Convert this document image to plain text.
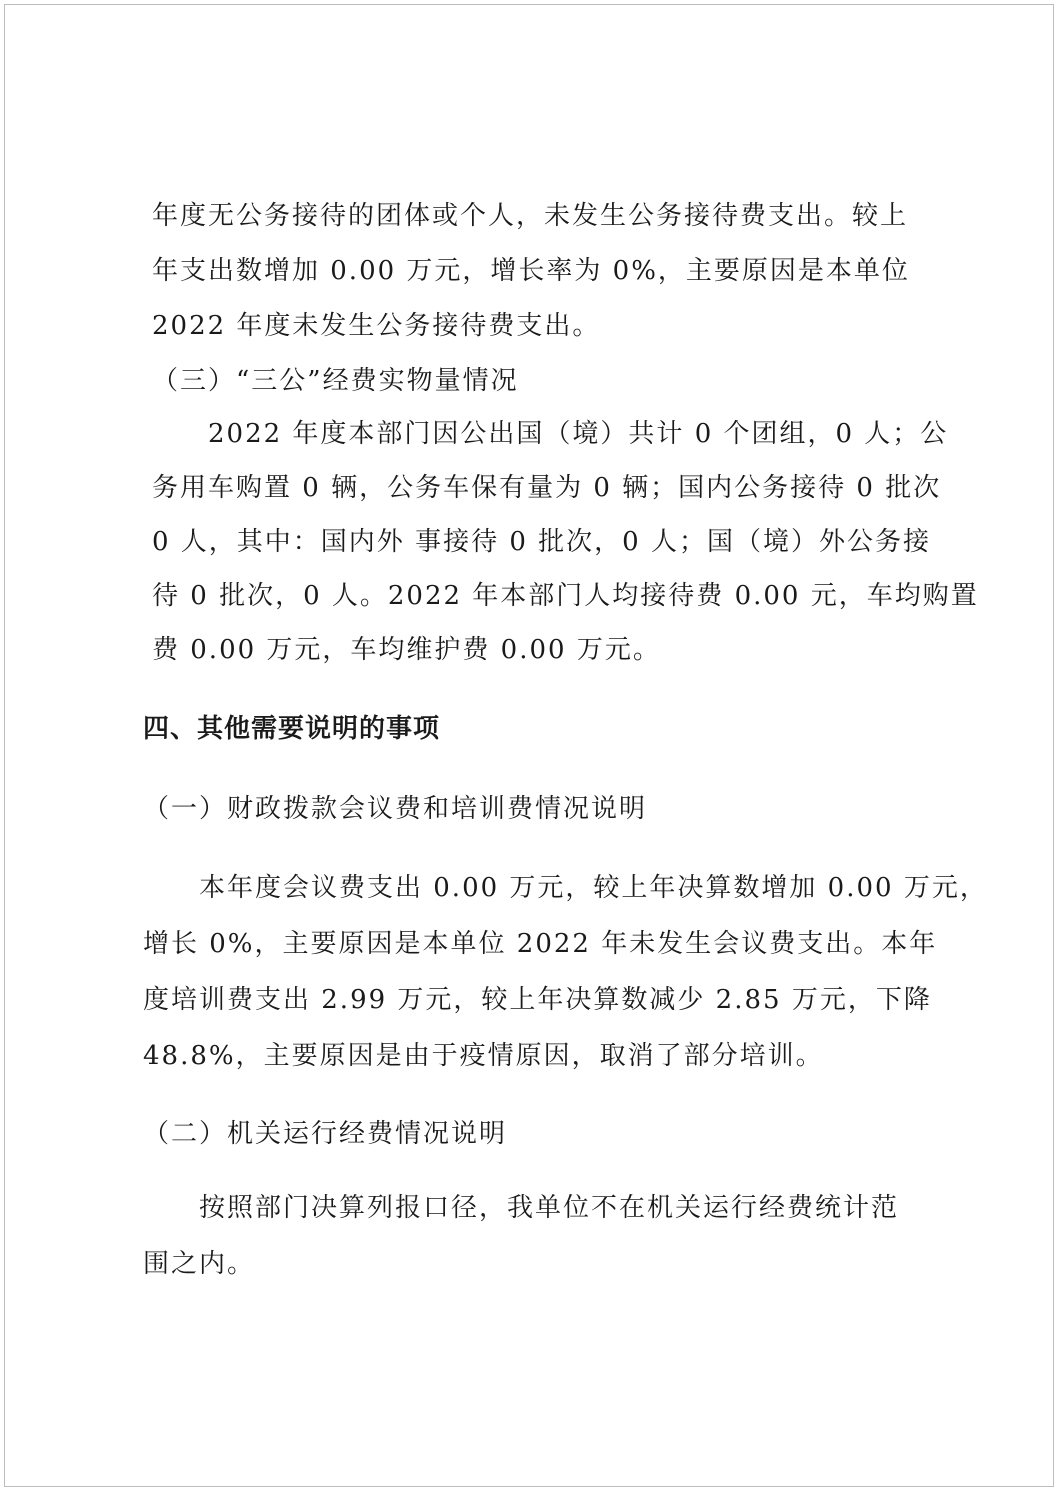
年度无公务接待的团体或个人，未发生公务接待费支出。较上
年支出数增加 0.00 万元，增长率为 0%，主要原因是本单位
2022 年度未发生公务接待费支出。
（三）“三公”经费实物量情况
2022 年度本部门因公出国（境）共计 0 个团组，0 人；公
务用车购置 0 辆，公务车保有量为 0 辆；国内公务接待 0 批次
0 人，其中：国内外 事接待 0 批次，0 人；国（境）外公务接
待 0 批次，0 人。2022 年本部门人均接待费 0.00 元，车均购置
费 0.00 万元，车均维护费 0.00 万元。
四、其他需要说明的事项
（一）财政拨款会议费和培训费情况说明
本年度会议费支出 0.00 万元，较上年决算数增加 0.00 万元，
增长 0%，主要原因是本单位 2022 年未发生会议费支出。本年
度培训费支出 2.99 万元，较上年决算数减少 2.85 万元，下降
48.8%，主要原因是由于疫情原因，取消了部分培训。
（二）机关运行经费情况说明
按照部门决算列报口径，我单位不在机关运行经费统计范
围之内。
